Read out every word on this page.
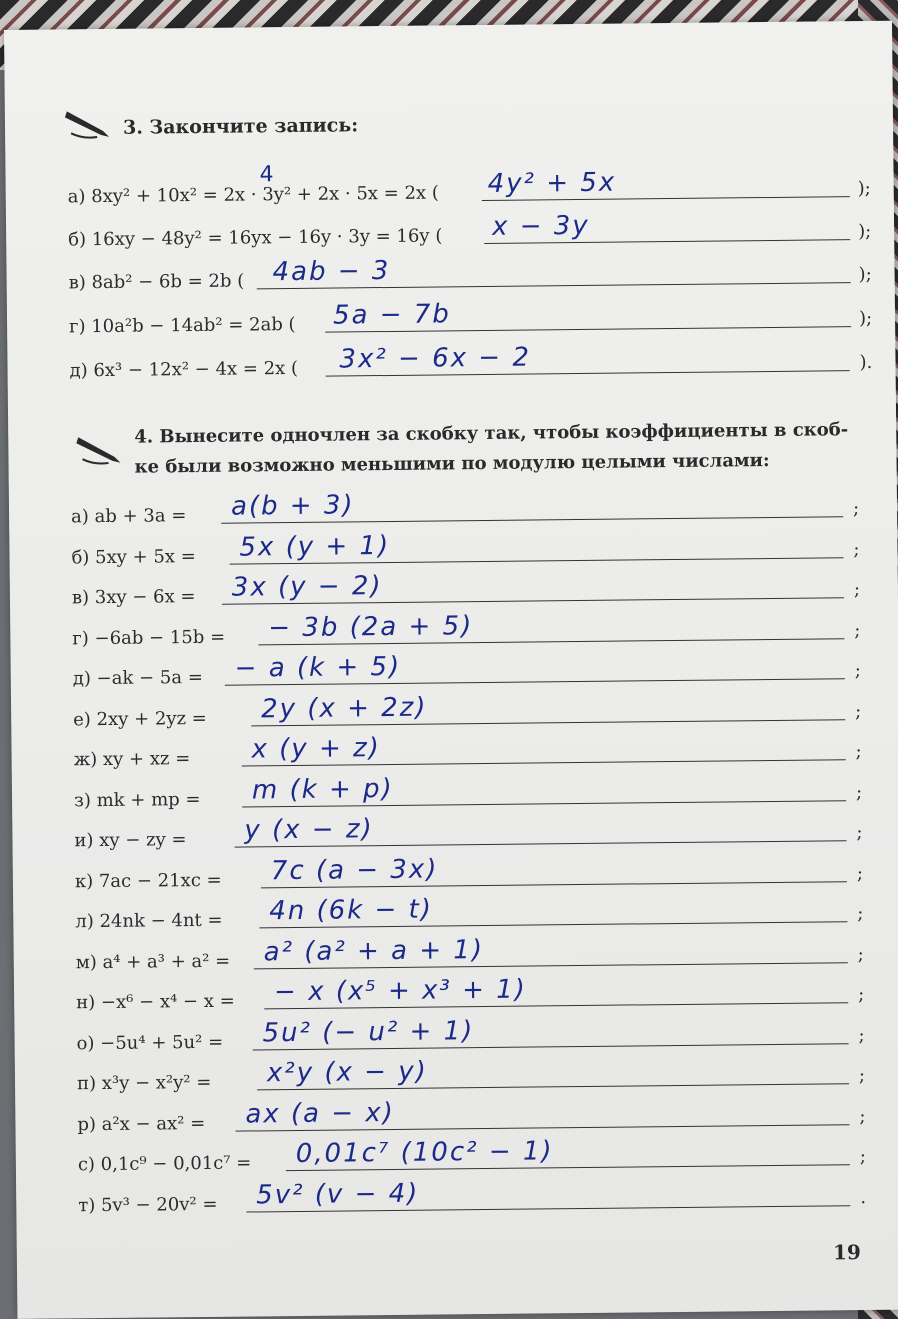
3. Закончите запись:
а) 8xy² + 10x² = 2x · 3y² + 2x · 5x = 2x ( 4y² + 5x	);
4
б) 16xy − 48y² = 16yx − 16y · 3y = 16y ( x − 3y	);
в) 8ab² − 6b = 2b ( 4ab − 3	);
г) 10a²b − 14ab² = 2ab ( 5a − 7b	);
д) 6x³ − 12x² − 4x = 2x ( 3x² − 6x − 2	).
4. Вынесите одночлен за скобку так, чтобы коэффициенты в скоб-
ке были возможно меньшими по модулю целыми числами:
а) ab + 3a = a(b + 3)	;
б) 5xy + 5x = 5x (y + 1)	;
в) 3xy − 6x = 3x (y − 2)	;
г) −6ab − 15b = − 3b (2a + 5)	;
д) −ak − 5a = − a (k + 5)	;
е) 2xy + 2yz = 2y (x + 2z)	;
ж) xy + xz = x (y + z)	;
з) mk + mp = m (k + p)	;
и) xy − zy = y (x − z)	;
к) 7ac − 21xc = 7c (a − 3x)	;
л) 24nk − 4nt = 4n (6k − t)	;
м) a⁴ + a³ + a² = a² (a² + a + 1)	;
н) −x⁶ − x⁴ − x = − x (x⁵ + x³ + 1)	;
о) −5u⁴ + 5u² = 5u² (− u² + 1)	;
п) x³y − x²y² = x²y (x − y)	;
р) a²x − ax² = ax (a − x)	;
с) 0,1c⁹ − 0,01c⁷ = 0,01c⁷ (10c² − 1)	;
т) 5v³ − 20v² = 5v² (v − 4)	.
19
